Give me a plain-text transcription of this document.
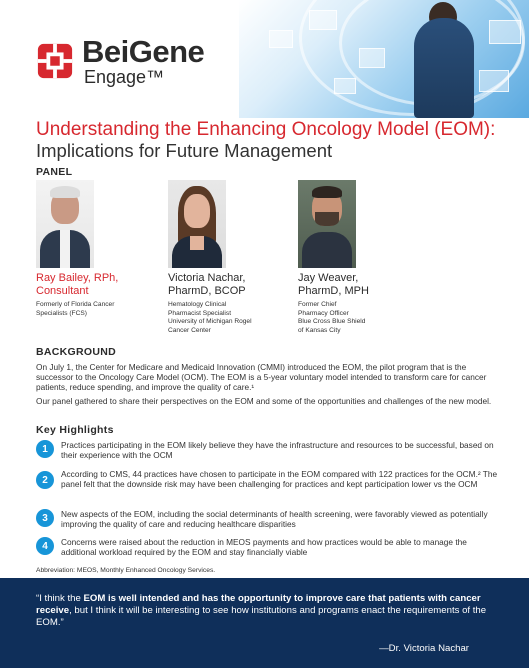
BeiGene
Engage™
Understanding the Enhancing Oncology Model (EOM):
Implications for Future Management
PANEL
Ray Bailey, RPh,
Consultant
Formerly of Florida Cancer
Specialists (FCS)
Victoria Nachar,
PharmD, BCOP
Hematology Clinical
Pharmacist Specialist
University of Michigan Rogel
Cancer Center
Jay Weaver,
PharmD, MPH
Former Chief
Pharmacy Officer
Blue Cross Blue Shield
of Kansas City
BACKGROUND
On July 1, the Center for Medicare and Medicaid Innovation (CMMI) introduced the EOM, the pilot program that is the successor to the Oncology Care Model (OCM). The EOM is a 5-year voluntary model intended to transform care for cancer patients, reduce spending, and improve the quality of care.¹
Our panel gathered to share their perspectives on the EOM and some of the opportunities and challenges of the new model.
Key Highlights
1	Practices participating in the EOM likely believe they have the infrastructure and resources to be successful, based on their experience with the OCM
2
According to CMS, 44 practices have chosen to participate in the EOM compared with 122 practices for the OCM.² The panel felt that the downside risk may have been challenging for practices and kept participation lower vs the OCM
3	New aspects of the EOM, including the social determinants of health screening, were favorably viewed as potentially improving the quality of care and reducing healthcare disparities
4	Concerns were raised about the reduction in MEOS payments and how practices would be able to manage the additional workload required by the EOM and stay financially viable
Abbreviation: MEOS, Monthly Enhanced Oncology Services.
“I think the EOM is well intended and has the opportunity to improve care that patients with cancer receive, but I think it will be interesting to see how institutions and programs enact the requirements of the EOM.”
—Dr. Victoria Nachar
